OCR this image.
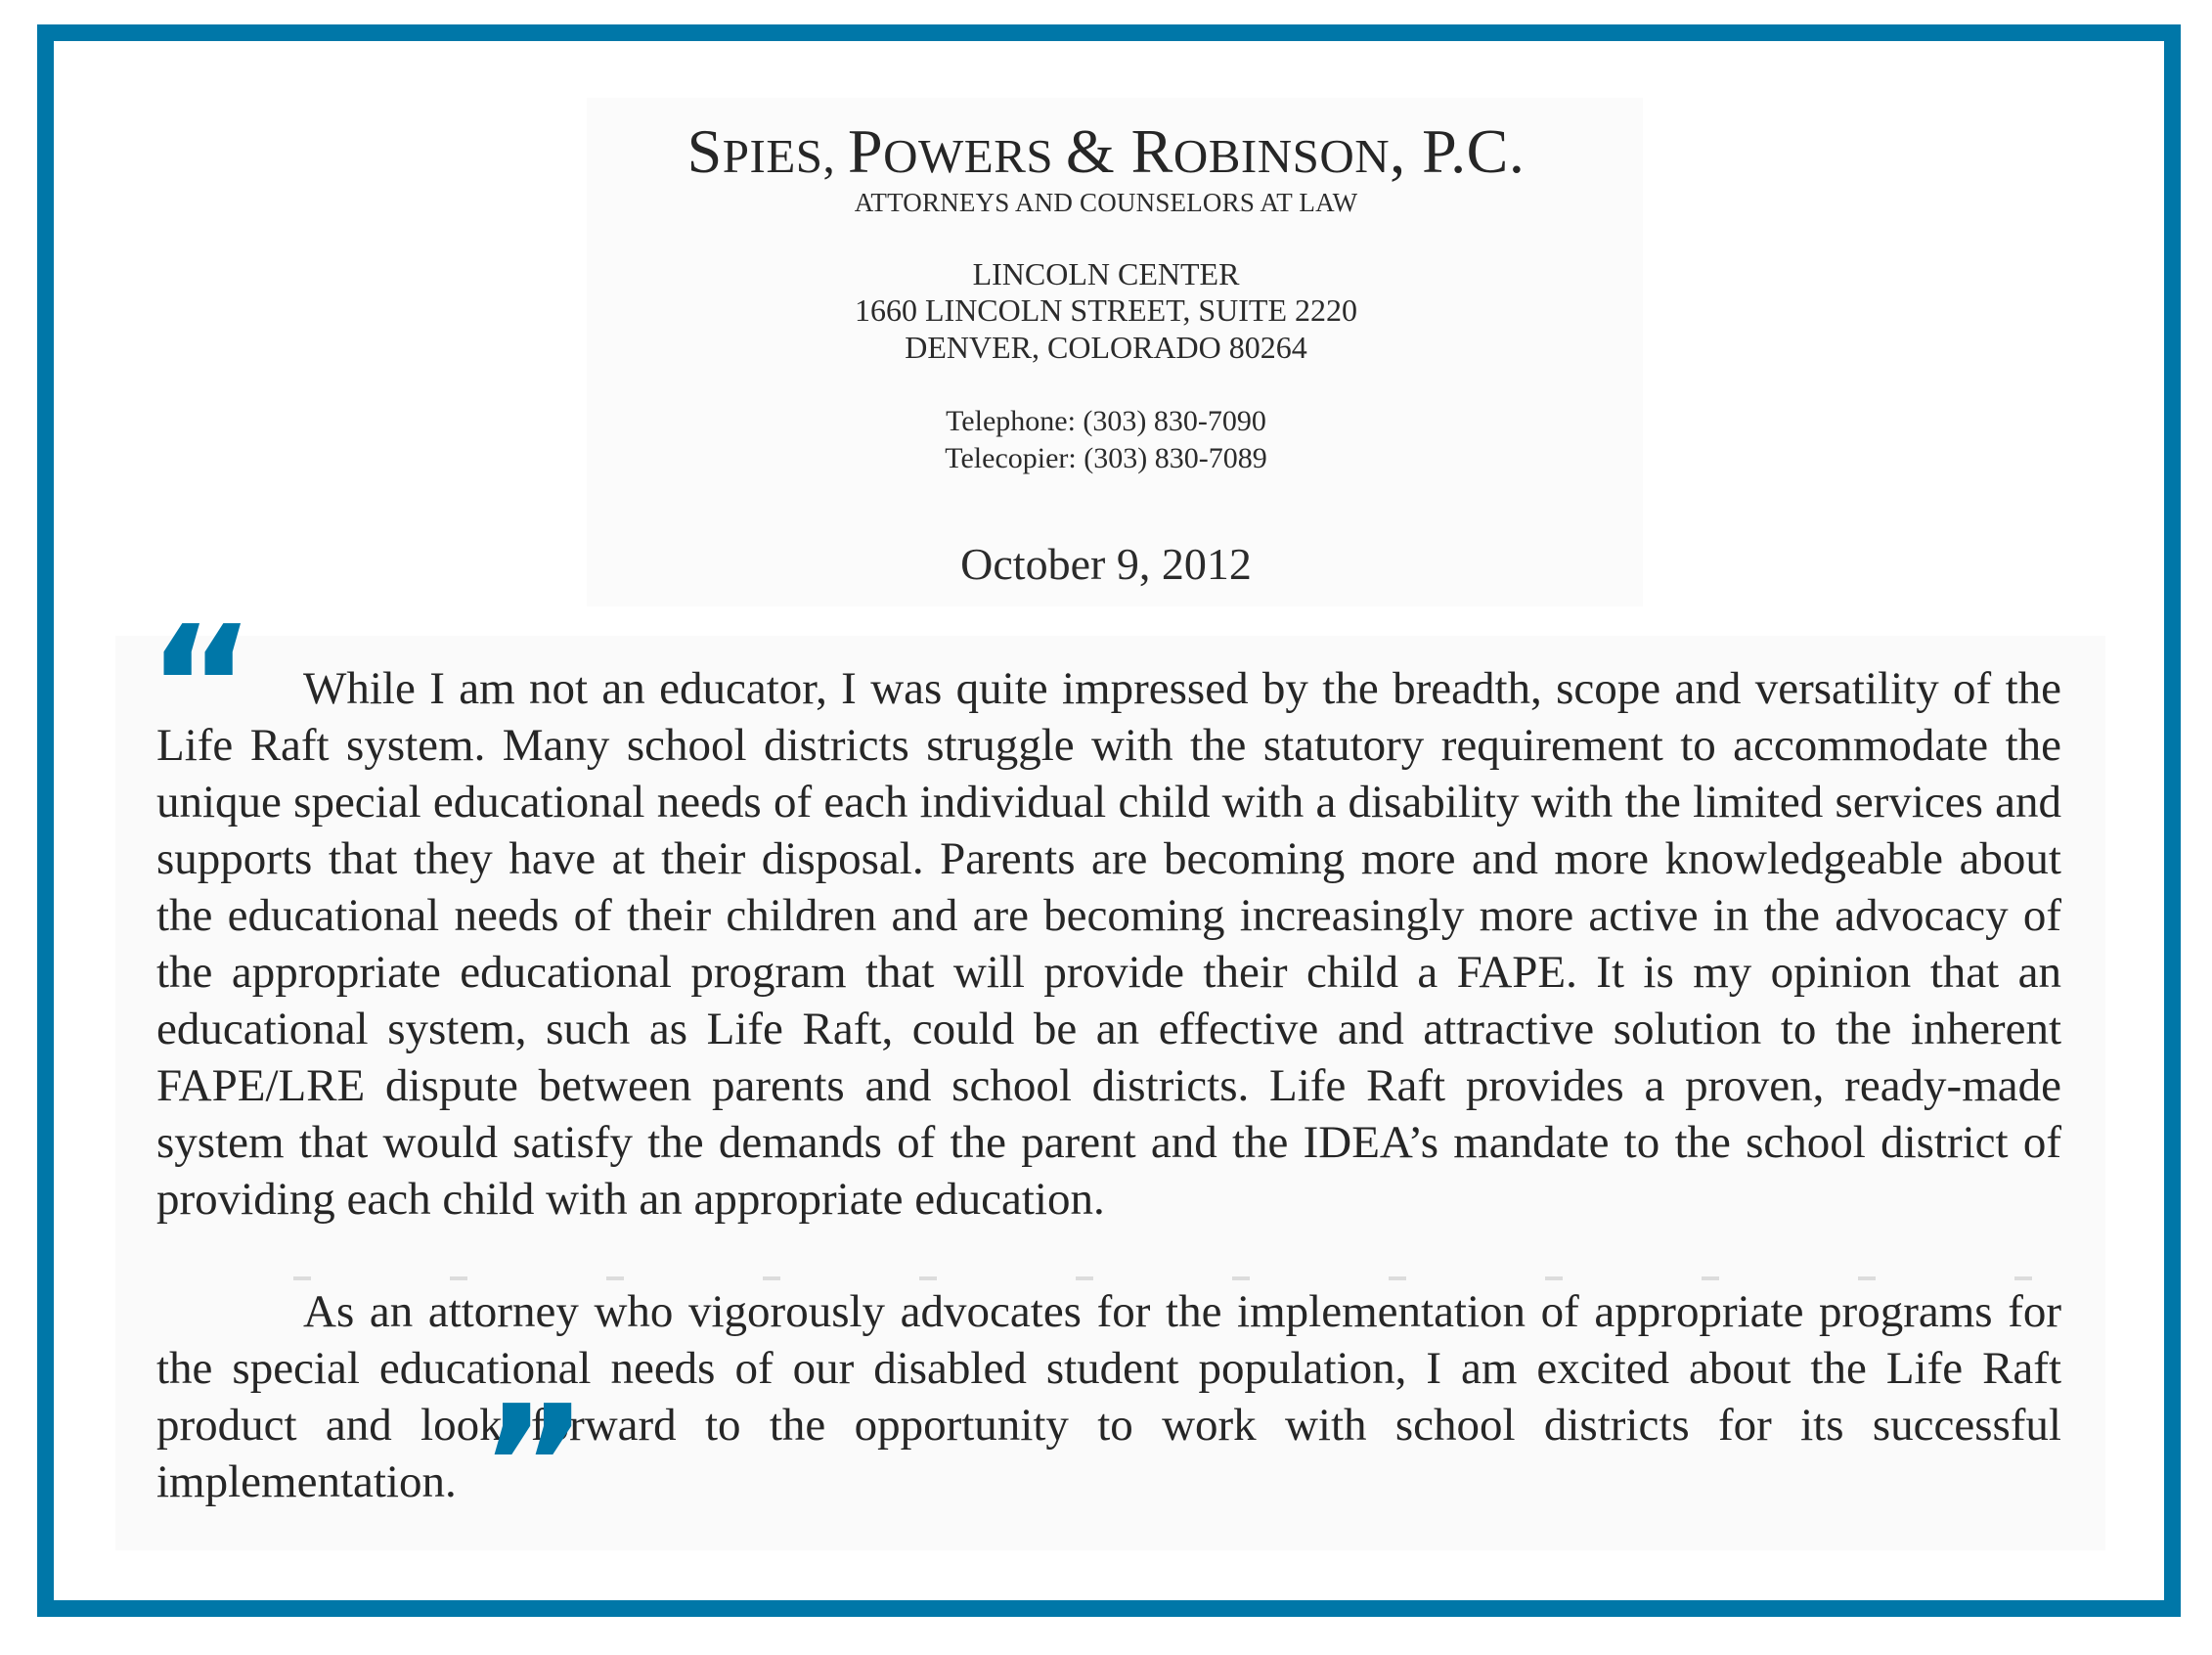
SPIES, POWERS & ROBINSON, P.C.
ATTORNEYS AND COUNSELORS AT LAW
LINCOLN CENTER
1660 LINCOLN STREET, SUITE 2220
DENVER, COLORADO 80264
Telephone: (303) 830-7090
Telecopier: (303) 830-7089
October 9, 2012
“	While I am not an educator, I was quite impressed by the breadth, scope and versatility of the Life Raft system. Many school districts struggle with the statutory requirement to accommodate the unique special educational needs of each individual child with a disability with the limited services and supports that they have at their disposal. Parents are becoming more and more knowledgeable about the educational needs of their children and are becoming increasingly more active in the advocacy of the appropriate educational program that will provide their child a FAPE. It is my opinion that an educational system, such as Life Raft, could be an effective and attractive solution to the inherent FAPE/LRE dispute between parents and school districts. Life Raft provides a proven, ready-made system that would satisfy the demands of the parent and the IDEA’s mandate to the school district of providing each child with an appropriate education.
As an attorney who vigorously advocates for the implementation of appropriate programs for the special educational needs of our disabled student population, I am excited about the Life Raft product and look forward to the opportunity to work with school districts for its successful implementation. ”
